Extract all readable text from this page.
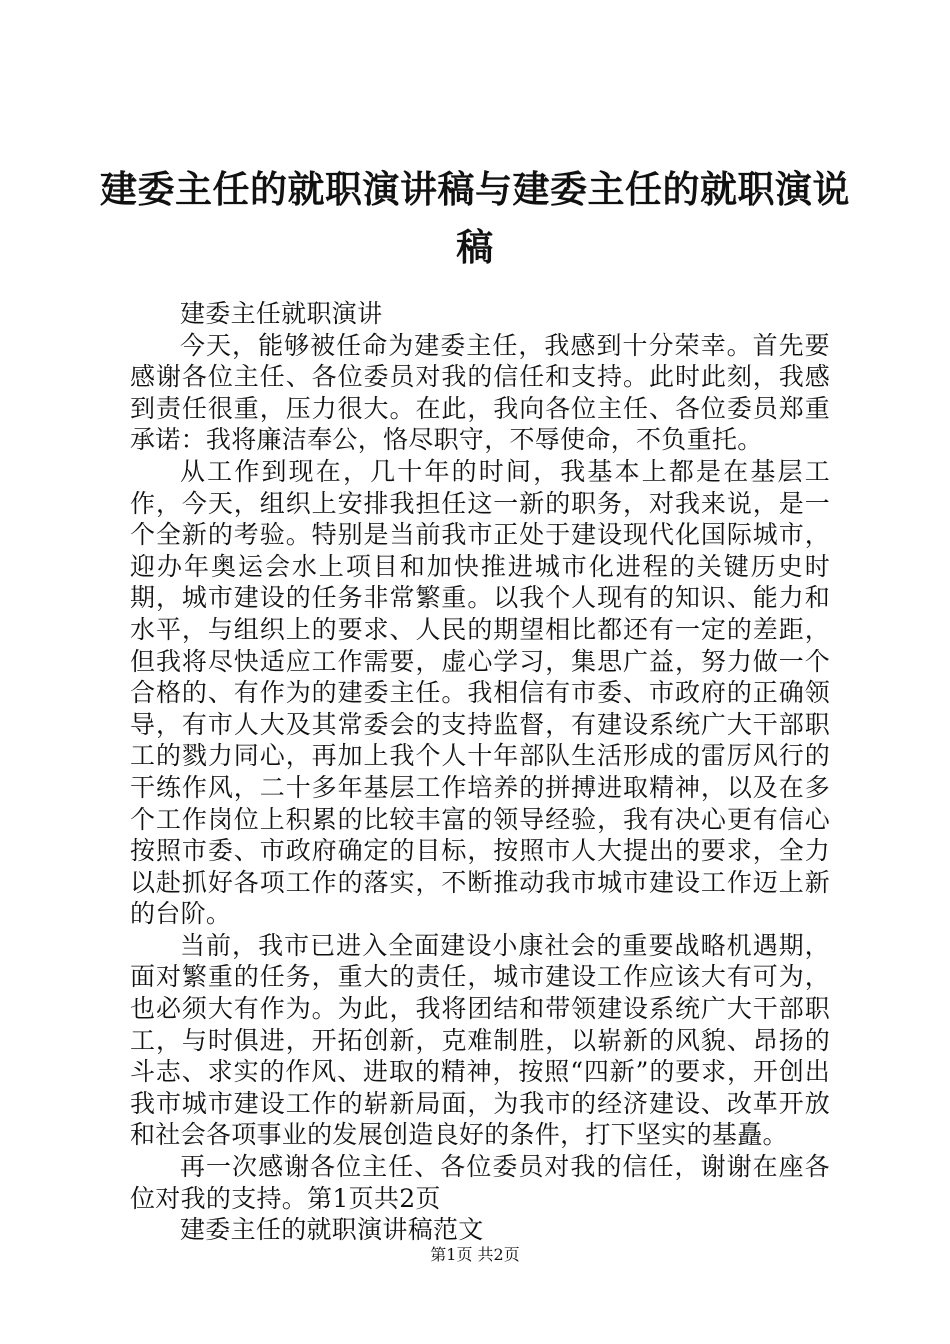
建委主任的就职演讲稿与建委主任的就职演说稿

建委主任就职演讲

今天，能够被任命为建委主任，我感到十分荣幸。首先要感谢各位主任、各位委员对我的信任和支持。此时此刻，我感到责任很重，压力很大。在此，我向各位主任、各位委员郑重承诺：我将廉洁奉公，恪尽职守，不辱使命，不负重托。

从工作到现在，几十年的时间，我基本上都是在基层工作，今天，组织上安排我担任这一新的职务，对我来说，是一个全新的考验。特别是当前我市正处于建设现代化国际城市，迎办年奥运会水上项目和加快推进城市化进程的关键历史时期，城市建设的任务非常繁重。以我个人现有的知识、能力和水平，与组织上的要求、人民的期望相比都还有一定的差距，但我将尽快适应工作需要，虚心学习，集思广益，努力做一个合格的、有作为的建委主任。我相信有市委、市政府的正确领导，有市人大及其常委会的支持监督，有建设系统广大干部职工的戮力同心，再加上我个人十年部队生活形成的雷厉风行的干练作风，二十多年基层工作培养的拼搏进取精神，以及在多个工作岗位上积累的比较丰富的领导经验，我有决心更有信心按照市委、市政府确定的目标，按照市人大提出的要求，全力以赴抓好各项工作的落实，不断推动我市城市建设工作迈上新的台阶。

当前，我市已进入全面建设小康社会的重要战略机遇期，面对繁重的任务，重大的责任，城市建设工作应该大有可为，也必须大有作为。为此，我将团结和带领建设系统广大干部职工，与时俱进，开拓创新，克难制胜，以崭新的风貌、昂扬的斗志、求实的作风、进取的精神，按照“四新”的要求，开创出我市城市建设工作的崭新局面，为我市的经济建设、改革开放和社会各项事业的发展创造良好的条件，打下坚实的基矗。

再一次感谢各位主任、各位委员对我的信任，谢谢在座各位对我的支持。第1页共2页

建委主任的就职演讲稿范文

第1页 共2页
